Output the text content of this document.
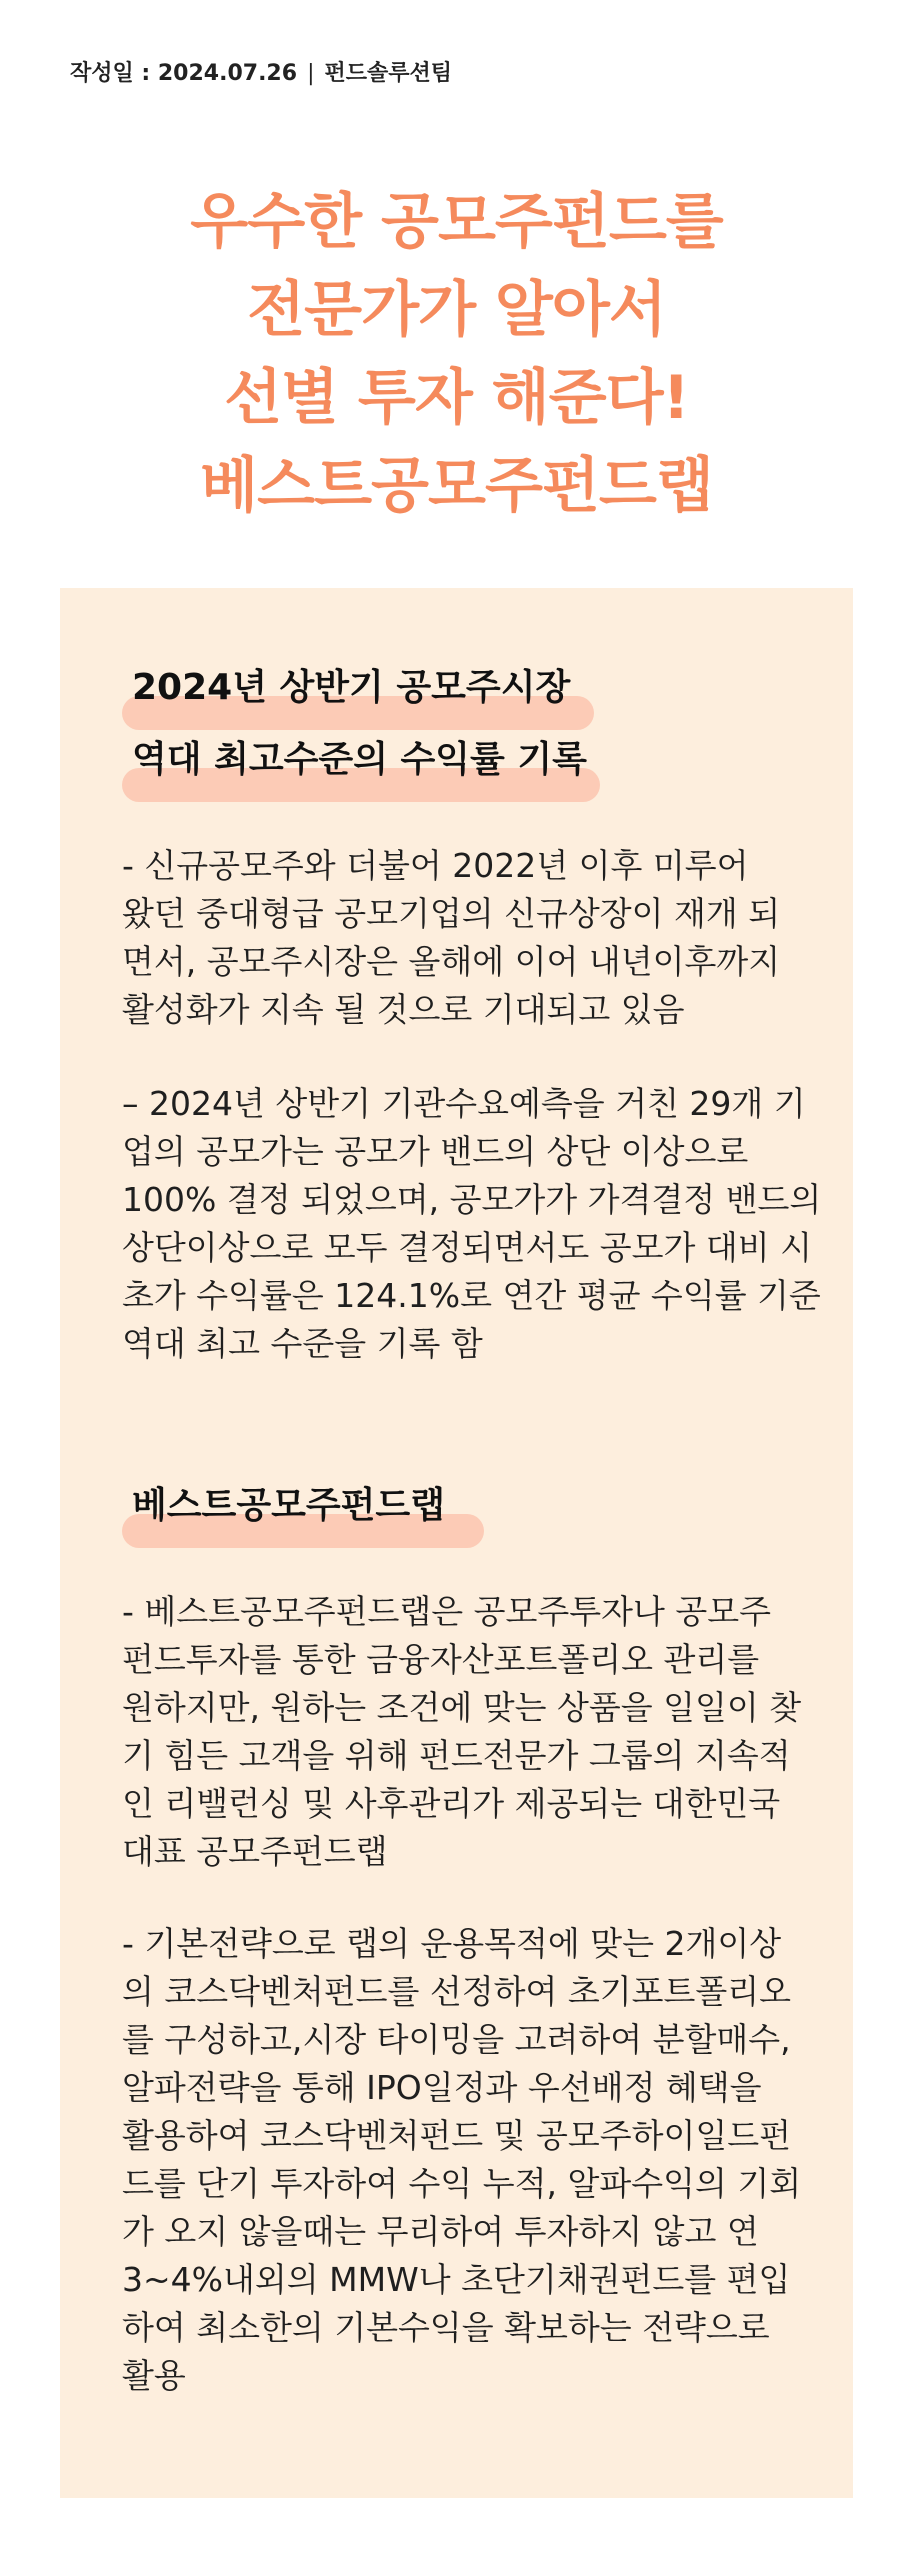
작성일 : 2024.07.26 | 펀드솔루션팀
우수한 공모주펀드를
전문가가 알아서
선별 투자 해준다!
베스트공모주펀드랩
2024년 상반기 공모주시장
역대 최고수준의 수익률 기록

- 신규공모주와 더불어 2022년 이후 미루어

왔던 중대형급 공모기업의 신규상장이 재개 되

면서, 공모주시장은 올해에 이어 내년이후까지

활성화가 지속 될 것으로 기대되고 있음

– 2024년 상반기 기관수요예측을 거친 29개 기

업의 공모가는 공모가 밴드의 상단 이상으로

100% 결정 되었으며, 공모가가 가격결정 밴드의

상단이상으로 모두 결정되면서도 공모가 대비 시

초가 수익률은 124.1%로 연간 평균 수익률 기준

역대 최고 수준을 기록 함

베스트공모주펀드랩

- 베스트공모주펀드랩은 공모주투자나 공모주

펀드투자를 통한 금융자산포트폴리오 관리를

원하지만, 원하는 조건에 맞는 상품을 일일이 찾

기 힘든 고객을 위해 펀드전문가 그룹의 지속적

인 리밸런싱 및 사후관리가 제공되는 대한민국

대표 공모주펀드랩

- 기본전략으로 랩의 운용목적에 맞는 2개이상

의 코스닥벤처펀드를 선정하여 초기포트폴리오

를 구성하고,시장 타이밍을 고려하여 분할매수,

알파전략을 통해 IPO일정과 우선배정 혜택을

활용하여 코스닥벤처펀드 및 공모주하이일드펀

드를 단기 투자하여 수익 누적, 알파수익의 기회

가 오지 않을때는 무리하여 투자하지 않고 연

3~4%내외의 MMW나 초단기채권펀드를 편입

하여 최소한의 기본수익을 확보하는 전략으로

활용
